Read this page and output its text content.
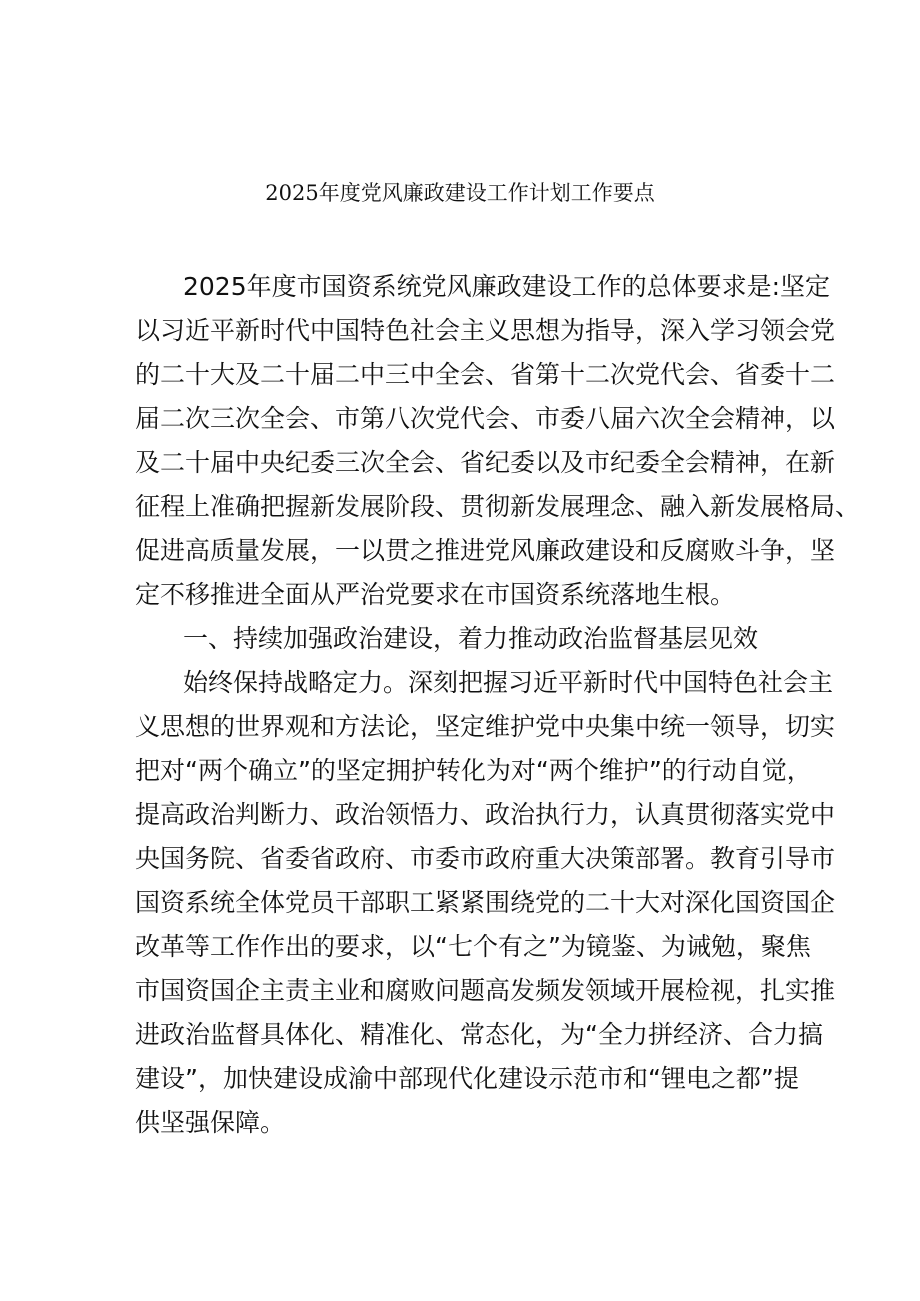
2025年度党风廉政建设工作计划工作要点
2025年度市国资系统党风廉政建设工作的总体要求是:坚定
以习近平新时代中国特色社会主义思想为指导，深入学习领会党
的二十大及二十届二中三中全会、省第十二次党代会、省委十二
届二次三次全会、市第八次党代会、市委八届六次全会精神，以
及二十届中央纪委三次全会、省纪委以及市纪委全会精神，在新
征程上准确把握新发展阶段、贯彻新发展理念、融入新发展格局、
促进高质量发展，一以贯之推进党风廉政建设和反腐败斗争，坚
定不移推进全面从严治党要求在市国资系统落地生根。
一、持续加强政治建设，着力推动政治监督基层见效
始终保持战略定力。深刻把握习近平新时代中国特色社会主
义思想的世界观和方法论，坚定维护党中央集中统一领导，切实
把对“两个确立”的坚定拥护转化为对“两个维护”的行动自觉，
提高政治判断力、政治领悟力、政治执行力，认真贯彻落实党中
央国务院、省委省政府、市委市政府重大决策部署。教育引导市
国资系统全体党员干部职工紧紧围绕党的二十大对深化国资国企
改革等工作作出的要求，以“七个有之”为镜鉴、为诫勉，聚焦
市国资国企主责主业和腐败问题高发频发领域开展检视，扎实推
进政治监督具体化、精准化、常态化，为“全力拼经济、合力搞
建设”，加快建设成渝中部现代化建设示范市和“锂电之都”提
供坚强保障。
